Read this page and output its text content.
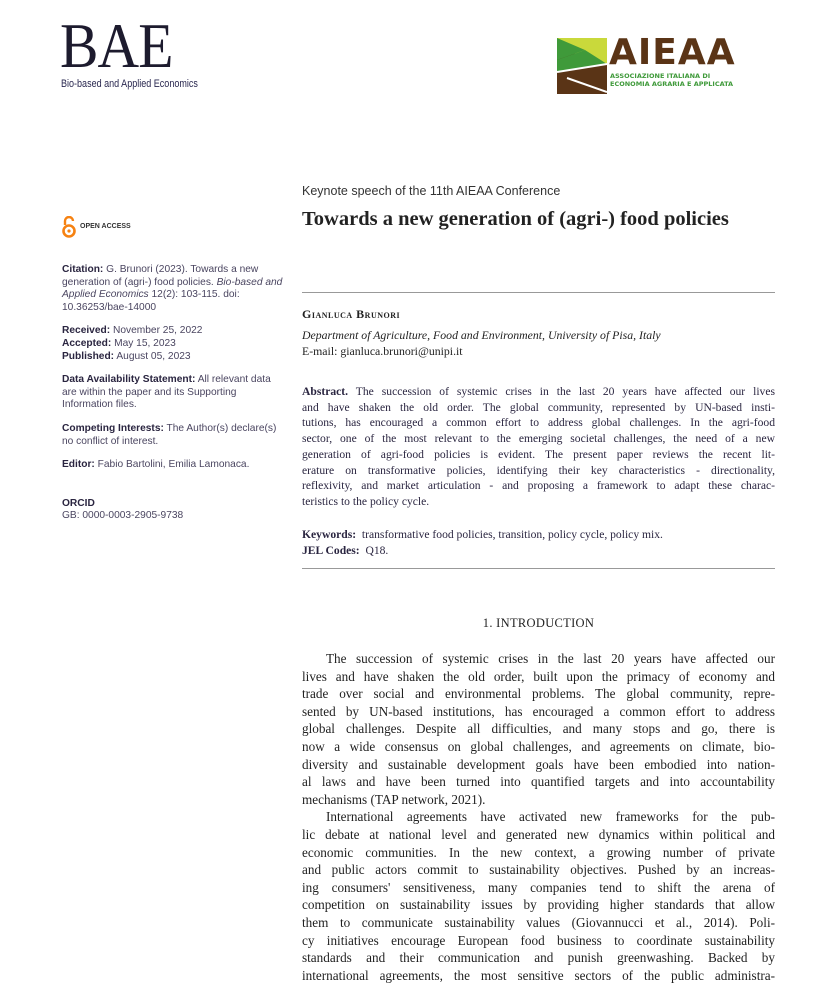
BAE
Bio-based and Applied Economics
AIEAA
ASSOCIAZIONE ITALIANA DI
ECONOMIA AGRARIA E APPLICATA
OPEN ACCESS
Citation: G. Brunori (2023). Towards a new generation of (agri-) food policies. Bio-based and Applied Economics 12(2): 103-115. doi: 10.36253/bae-14000
Received: November 25, 2022
Accepted: May 15, 2023
Published: August 05, 2023
Data Availability Statement: All relevant data are within the paper and its Supporting Information files.
Competing Interests: The Author(s) declare(s) no conflict of interest.
Editor: Fabio Bartolini, Emilia Lamonaca.
ORCID
GB: 0000-0003-2905-9738
Keynote speech of the 11th AIEAA Conference
Towards a new generation of (agri-) food policies
Gianluca Brunori
Department of Agriculture, Food and Environment, University of Pisa, Italy
E-mail: gianluca.brunori@unipi.it
Abstract. The succession of systemic crises in the last 20 years have affected our lives
and have shaken the old order. The global community, represented by UN-based insti-
tutions, has encouraged a common effort to address global challenges. In the agri-food
sector, one of the most relevant to the emerging societal challenges, the need of a new
generation of agri-food policies is evident. The present paper reviews the recent lit-
erature on transformative policies, identifying their key characteristics - directionality,
reflexivity, and market articulation - and proposing a framework to adapt these charac-
teristics to the policy cycle.
Keywords: transformative food policies, transition, policy cycle, policy mix.
JEL Codes: Q18.
1. INTRODUCTION
The succession of systemic crises in the last 20 years have affected our
lives and have shaken the old order, built upon the primacy of economy and
trade over social and environmental problems. The global community, repre-
sented by UN-based institutions, has encouraged a common effort to address
global challenges. Despite all difficulties, and many stops and go, there is
now a wide consensus on global challenges, and agreements on climate, bio-
diversity and sustainable development goals have been embodied into nation-
al laws and have been turned into quantified targets and into accountability
mechanisms (TAP network, 2021).
International agreements have activated new frameworks for the pub-
lic debate at national level and generated new dynamics within political and
economic communities. In the new context, a growing number of private
and public actors commit to sustainability objectives. Pushed by an increas-
ing consumers' sensitiveness, many companies tend to shift the arena of
competition on sustainability issues by providing higher standards that allow
them to communicate sustainability values (Giovannucci et al., 2014). Poli-
cy initiatives encourage European food business to coordinate sustainability
standards and their communication and punish greenwashing. Backed by
international agreements, the most sensitive sectors of the public administra-
